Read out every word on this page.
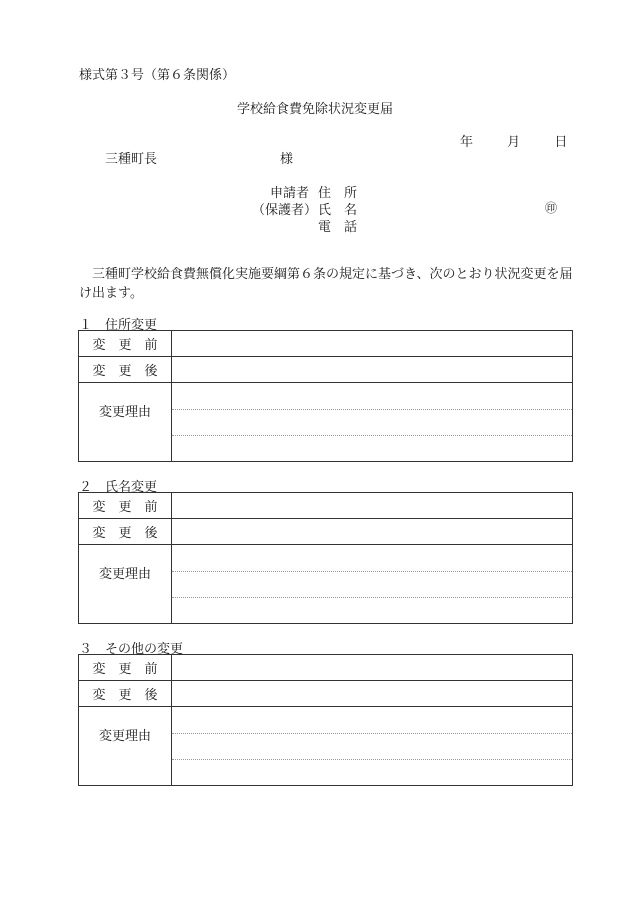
様式第３号（第６条関係）
学校給食費免除状況変更届
年	月	日
三種町長	様
申請者
（保護者）
住　所
氏　名
電　話
㊞
三種町学校給食費無償化実施要綱第６条の規定に基づき、次のとおり状況変更を届け出ます。
１　住所変更
変　更　前	
変　更　後	
変更理由	
２　氏名変更
変　更　前	
変　更　後	
変更理由	
３　その他の変更
変　更　前	
変　更　後	
変更理由	
